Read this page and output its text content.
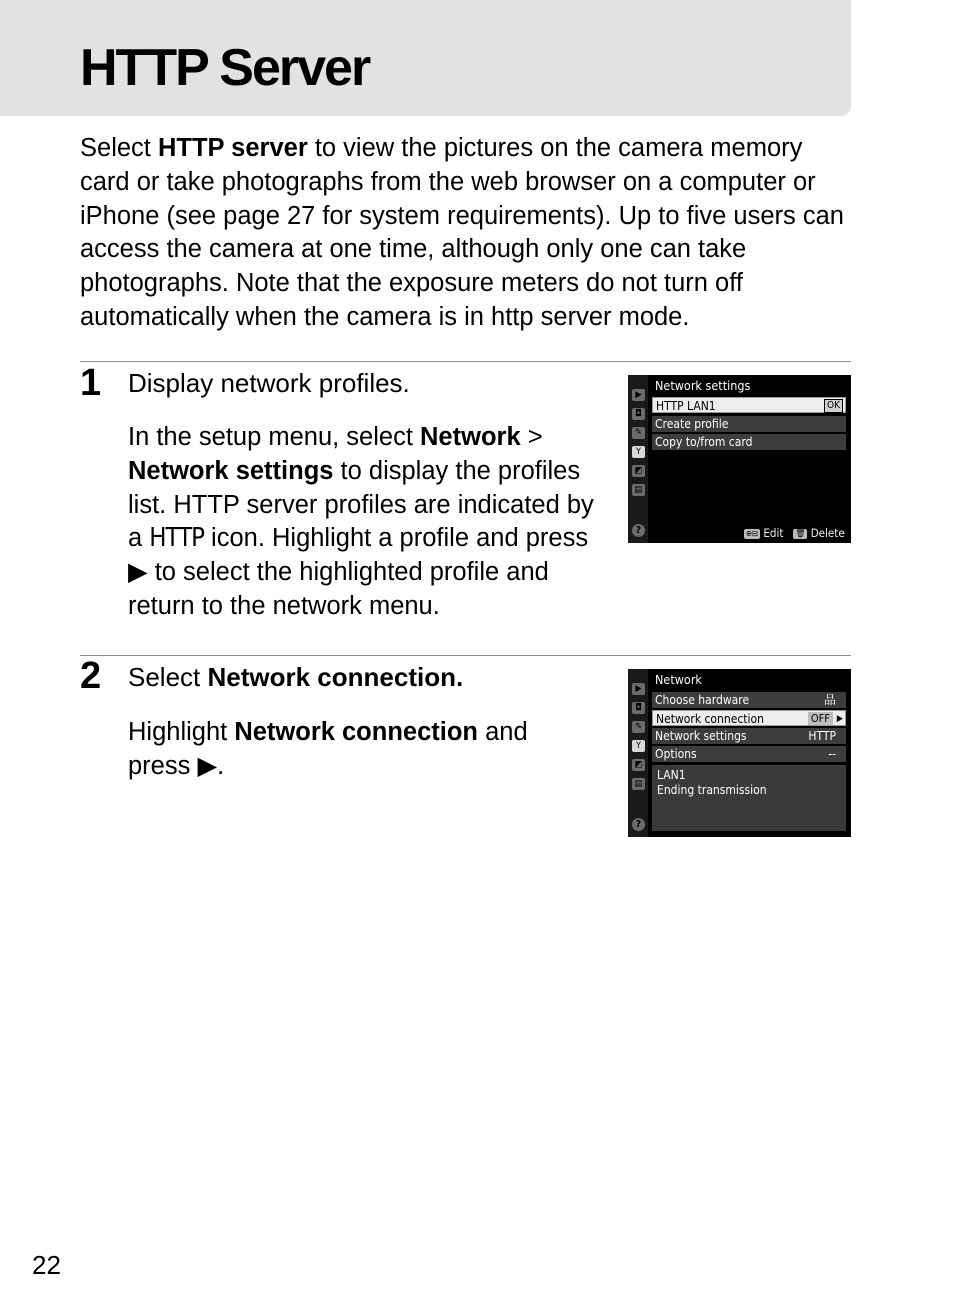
HTTP Server

Select HTTP server to view the pictures on the camera memory card or take photographs from the web browser on a computer or iPhone (see page 27 for system requirements). Up to five users can access the camera at one time, although only one can take photographs. Note that the exposure meters do not turn off automatically when the camera is in http server mode.

1 Display network profiles.

In the setup menu, select Network > Network settings to display the profiles list. HTTP server profiles are indicated by a HTTP icon. Highlight a profile and press ▶ to select the highlighted profile and return to the network menu.

▶
◘
✎
Y
◩
▤
?
Network settings
HTTP LAN1	OK
Create profile
Copy to/from card
⊕⊟ Edit 🗑 Delete
2 Select Network connection.

Highlight Network connection and press ▶.

▶
◘
✎
Y
◩
▤
?
Network
Choose hardware	品
Network connection	OFF ▶
Network settings	HTTP
Options	--
LAN1
Ending transmission
22
